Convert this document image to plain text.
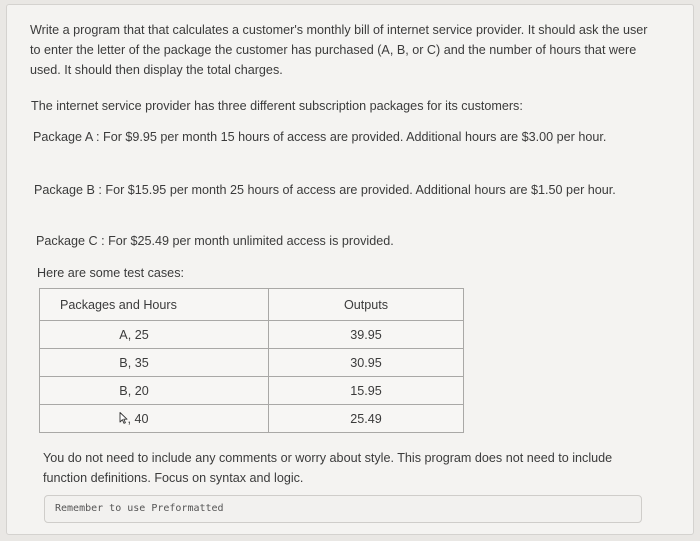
Write a program that that calculates a customer's monthly bill of internet service provider. It should ask the user to enter the letter of the package the customer has purchased (A, B, or C) and the number of hours that were used. It should then display the total charges.

The internet service provider has three different subscription packages for its customers:

Package A : For $9.95 per month 15 hours of access are provided. Additional hours are $3.00 per hour.

Package B : For $15.95 per month 25 hours of access are provided. Additional hours are $1.50 per hour.

Package C : For $25.49 per month unlimited access is provided.

Here are some test cases:

Packages and Hours	Outputs
A, 25	39.95
B, 35	30.95
B, 20	15.95
, 40	25.49

You do not need to include any comments or worry about style. This program does not need to include function definitions. Focus on syntax and logic.

Remember to use Preformatted
